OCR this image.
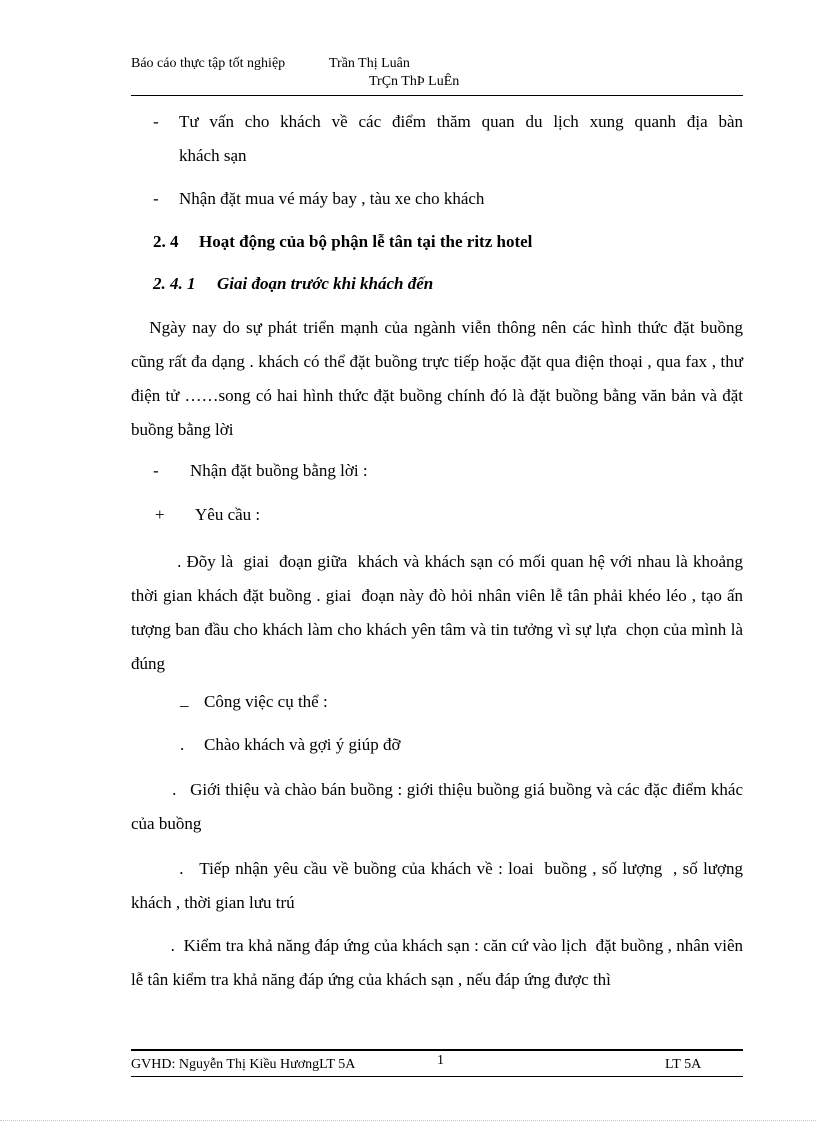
Báo cáo thực tập tốt nghiệp	Trần Thị Luân
TrÇn ThÞ LuÊn
- Tư vấn cho khách về các điểm thăm quan du lịch xung quanh địa bàn
khách sạn
- Nhận đặt mua vé máy bay , tàu xe cho khách
2. 4 Hoạt động của bộ phận lễ tân tại the ritz hotel
2. 4. 1 Giai đoạn trước khi khách đến
Ngày nay do sự phát triển mạnh của ngành viễn thông nên các hình thức đặt buồng cũng rất đa dạng . khách có thể đặt buồng trực tiếp hoặc đặt qua điện thoại , qua fax , thư điện tử ……song có hai hình thức đặt buồng chính đó là đặt buồng bằng văn bản và đặt buồng bằng lời
- Nhận đặt buồng bằng lời :
+ Yêu cầu :
. Đõy là  giai  đoạn giữa  khách và khách sạn có mối quan hệ với nhau là khoảng thời gian khách đặt buồng . giai  đoạn này đò hỏi nhân viên lễ tân phải khéo léo , tạo ấn tượng ban đầu cho khách làm cho khách yên tâm và tin tưởng vì sự lựa  chọn của mình là  đúng
_ Công việc cụ thể :
. Chào khách và gợi ý giúp đỡ
.   Giới thiệu và chào bán buồng : giới thiệu buồng giá buồng và các đặc điểm khác của buồng
.   Tiếp nhận yêu cầu về buồng của khách về : loai  buồng , số lượng  , số lượng khách , thời gian lưu trú
.  Kiểm tra khả năng đáp ứng của khách sạn : căn cứ vào lịch  đặt buồng , nhân viên lễ tân kiểm tra khả năng đáp ứng của khách sạn , nếu đáp ứng được thì
GVHD: Nguyễn Thị Kiều HươngLT 5A	1	LT 5A
